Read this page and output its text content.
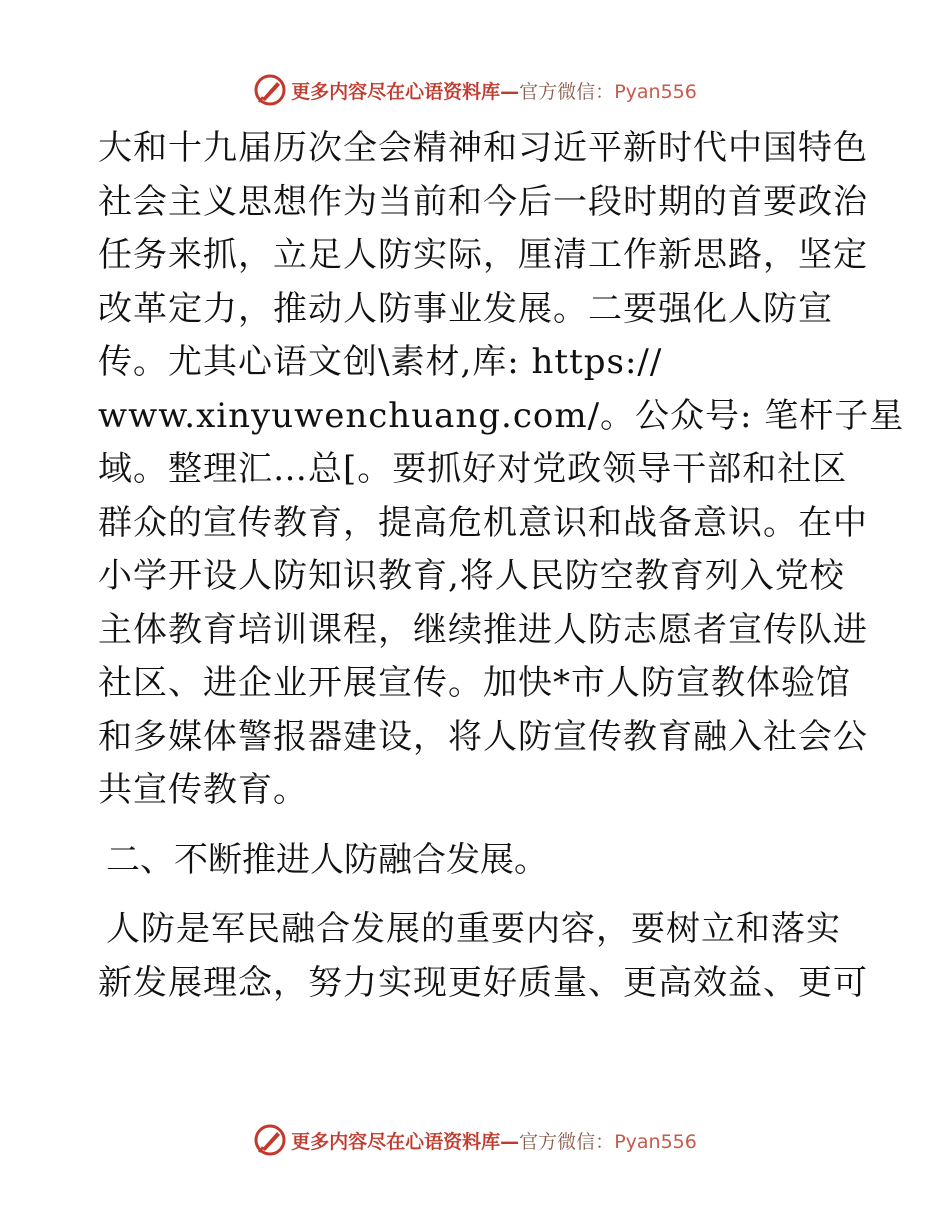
更多内容尽在心语资料库—官方微信：Pyan556
大和十九届历次全会精神和习近平新时代中国特色
社会主义思想作为当前和今后一段时期的首要政治
任务来抓，立足人防实际，厘清工作新思路，坚定
改革定力，推动人防事业发展。二要强化人防宣
传。尤其心语文创\素材,库: https://
www.xinyuwenchuang.com/。公众号: 笔杆子星
域。整理汇…总[。要抓好对党政领导干部和社区
群众的宣传教育，提高危机意识和战备意识。在中
小学开设人防知识教育,将人民防空教育列入党校
主体教育培训课程，继续推进人防志愿者宣传队进
社区、进企业开展宣传。加快*市人防宣教体验馆
和多媒体警报器建设，将人防宣传教育融入社会公
共宣传教育。
二、不断推进人防融合发展。
人防是军民融合发展的重要内容，要树立和落实
新发展理念，努力实现更好质量、更高效益、更可
更多内容尽在心语资料库—官方微信：Pyan556
